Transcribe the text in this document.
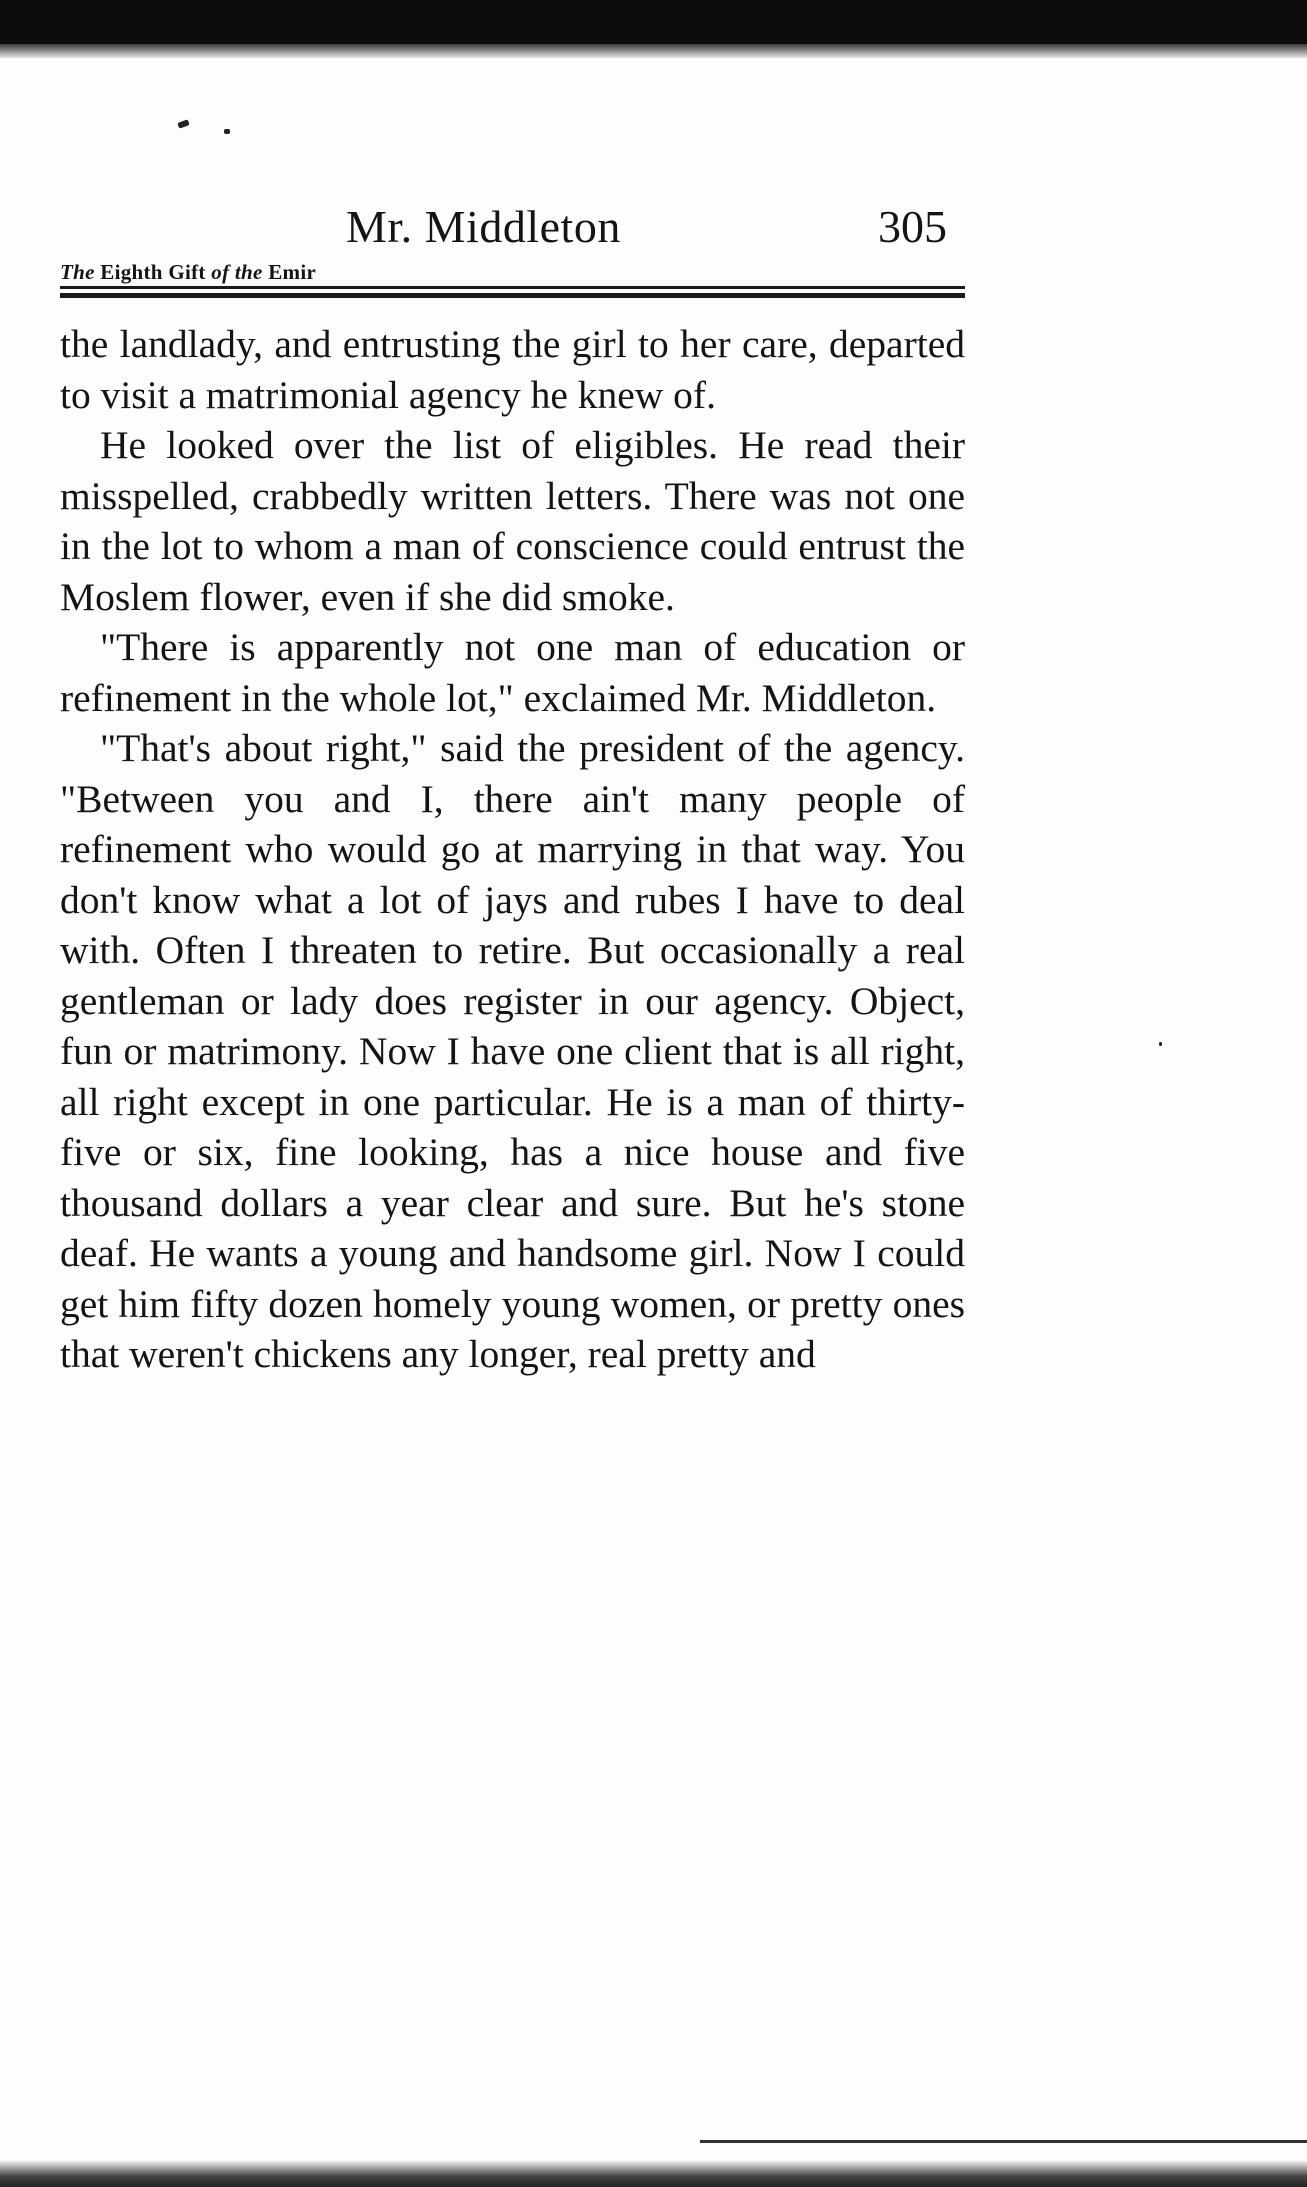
Mr. Middleton	305
The Eighth Gift of the Emir

the landlady, and entrusting the girl to her care, departed to visit a matrimonial agency he knew of.

He looked over the list of eligibles. He read their misspelled, crabbedly written letters. There was not one in the lot to whom a man of conscience could entrust the Moslem flower, even if she did smoke.

"There is apparently not one man of education or refinement in the whole lot," exclaimed Mr. Middleton.

"That's about right," said the president of the agency. "Between you and I, there ain't many people of refinement who would go at marrying in that way. You don't know what a lot of jays and rubes I have to deal with. Often I threaten to retire. But occasionally a real gentleman or lady does register in our agency. Object, fun or matrimony. Now I have one client that is all right, all right except in one particular. He is a man of thirty-five or six, fine looking, has a nice house and five thousand dollars a year clear and sure. But he's stone deaf. He wants a young and handsome girl. Now I could get him fifty dozen homely young women, or pretty ones that weren't chickens any longer, real pretty and
